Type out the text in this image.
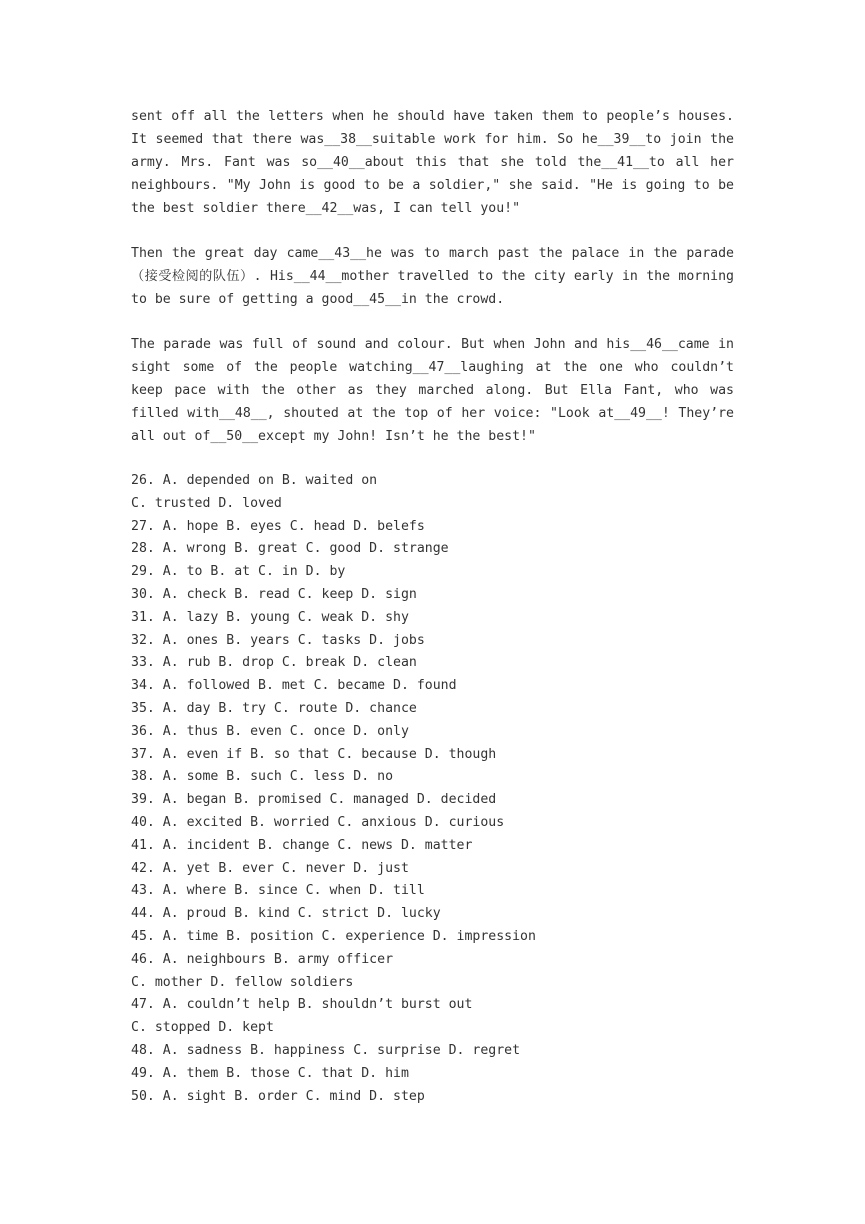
sent off all the letters when he should have taken them to people’s houses. It seemed that there was__38__suitable work for him. So he__39__to join the army. Mrs. Fant was so__40__about this that she told the__41__to all her neighbours. "My John is good to be a soldier," she said. "He is going to be the best soldier there__42__was, I can tell you!"

Then the great day came__43__he was to march past the palace in the parade（接受检阅的队伍）. His__44__mother travelled to the city early in the morning to be sure of getting a good__45__in the crowd.

The parade was full of sound and colour. But when John and his__46__came in sight some of the people watching__47__laughing at the one who couldn’t keep pace with the other as they marched along. But Ella Fant, who was filled with__48__, shouted at the top of her voice: "Look at__49__! They’re all out of__50__except my John! Isn’t he the best!"

26. A. depended on B. waited on
C. trusted D. loved
27. A. hope B. eyes C. head D. belefs
28. A. wrong B. great C. good D. strange
29. A. to B. at C. in D. by
30. A. check B. read C. keep D. sign
31. A. lazy B. young C. weak D. shy
32. A. ones B. years C. tasks D. jobs
33. A. rub B. drop C. break D. clean
34. A. followed B. met C. became D. found
35. A. day B. try C. route D. chance
36. A. thus B. even C. once D. only
37. A. even if B. so that C. because D. though
38. A. some B. such C. less D. no
39. A. began B. promised C. managed D. decided
40. A. excited B. worried C. anxious D. curious
41. A. incident B. change C. news D. matter
42. A. yet B. ever C. never D. just
43. A. where B. since C. when D. till
44. A. proud B. kind C. strict D. lucky
45. A. time B. position C. experience D. impression
46. A. neighbours B. army officer
C. mother D. fellow soldiers
47. A. couldn’t help B. shouldn’t burst out
C. stopped D. kept
48. A. sadness B. happiness C. surprise D. regret
49. A. them B. those C. that D. him
50. A. sight B. order C. mind D. step
